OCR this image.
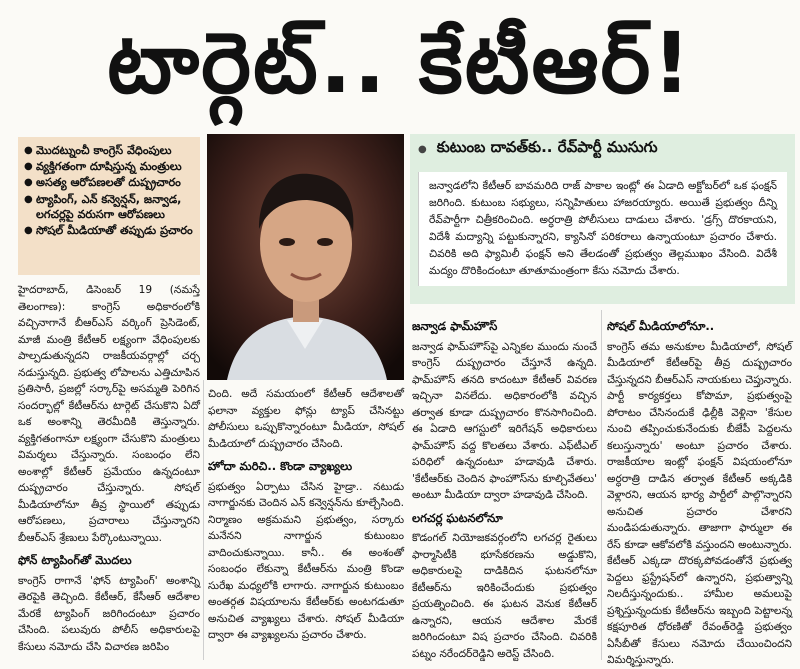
టార్గెట్.. కేటీఆర్!
● మొదట్నుంచీ కాంగ్రెస్ వేధింపులు
● వ్యక్తిగతంగా దూషిస్తున్న మంత్రులు
● అసత్య ఆరోపణలతో దుష్ప్రచారం
● ట్యాపింగ్, ఎన్ కన్వెన్షన్, జన్వాడ, లగచర్లపై వరుసగా ఆరోపణలు
● సోషల్ మీడియాతో తప్పుడు ప్రచారం

హైదరాబాద్, డిసెంబర్ 19 (నమస్తే తెలంగాణ): కాంగ్రెస్ అధికారంలోకి వచ్చినాగానే బీఆర్ఎస్ వర్కింగ్ ప్రెసిడెంట్, మాజీ మంత్రి కేటీఆర్ లక్ష్యంగా వేధింపులకు పాల్పడుతున్నదని రాజకీయవర్గాల్లో చర్చ నడుస్తున్నది. ప్రభుత్వ లోపాలను ఎత్తిచూపిన ప్రతిసారీ, ప్రజల్లో సర్కార్‌పై అసమ్మతి పెరిగిన సందర్భాల్లో కేటీఆర్‌ను టార్గెట్ చేసుకొని ఏదో ఒక అంశాన్ని తెరమీదికి తెస్తున్నారు. వ్యక్తిగతంగానూ లక్ష్యంగా చేసుకొని మంత్రులు విమర్శలు చేస్తున్నారు. సంబంధం లేని అంశాల్లో కేటీఆర్ ప్రమేయం ఉన్నదంటూ దుష్ప్రచారం చేస్తున్నారు. సోషల్ మీడియాలోనూ తీవ్ర స్థాయిలో తప్పుడు ఆరోపణలు, ప్రచారాలు చేస్తున్నారని బీఆర్ఎస్ శ్రేణులు పేర్కొంటున్నాయి.

ఫోన్ ట్యాపింగ్‌తో మొదలు

కాంగ్రెస్ రాగానే 'ఫోన్ ట్యాపింగ్' అంశాన్ని తెరపైకి తెచ్చింది. కేటీఆర్, కేసీఆర్ ఆదేశాల మేరకే ట్యాపింగ్ జరిగిందంటూ ప్రచారం చేసింది. పలువురు పోలీస్ అధికారులపై కేసులు నమోదు చేసి విచారణ జరిపిం

చింది. అదే సమయంలో కేటీఆర్ ఆదేశాలతో ఫలానా వ్యక్తుల ఫోన్లు ట్యాప్ చేసినట్టు పోలీసులు ఒప్పుకొన్నారంటూ మీడియా, సోషల్ మీడియాలో దుష్ప్రచారం చేసింది.

హోదా మరిచి.. కొండా వ్యాఖ్యలు

ప్రభుత్వం ఏర్పాటు చేసిన హైడ్రా.. నటుడు నాగార్జునకు చెందిన ఎన్ కన్వెన్షన్‌ను కూల్చేసింది. నిర్మాణం అక్రమమని ప్రభుత్వం, సర్కారు మనేనని నాగార్జున కుటుంబం వాదించుకున్నాయి. కానీ.. ఈ అంశంతో సంబంధం లేకున్నా కేటీఆర్‌ను మంత్రి కొండా సురేఖ మధ్యలోకి లాగారు. నాగార్జున కుటుంబం అంతర్గత విషయాలను కేటీఆర్‌కు అంటగడుతూ అనుచిత వ్యాఖ్యలు చేశారు. సోషల్ మీడియా ద్వారా ఈ వ్యాఖ్యలను ప్రచారం చేశారు.

● కుటుంబ దావత్‌కు.. రేవ్‌పార్టీ ముసుగు
జన్వాడలోని కేటీఆర్ బావమరిది రాజ్ పాకాల ఇంట్లో ఈ ఏడాది అక్టోబర్‌లో ఒక ఫంక్షన్ జరిగింది. కుటుంబ సభ్యులు, సన్నిహితులు హాజరయ్యారు. అయితే ప్రభుత్వం దీన్ని రేవ్‌పార్టీగా చిత్రీకరించింది. అర్ధరాత్రి పోలీసులు దాడులు చేశారు. 'డ్రగ్స్ దొరకాయని, విదేశీ మద్యాన్ని పట్టుకున్నారని, క్యాసినో పరికరాలు ఉన్నాయంటూ ప్రచారం చేశారు. చివరికి అది ఫ్యామిలీ ఫంక్షన్ అని తేలడంతో ప్రభుత్వం తెల్లముఖం వేసింది. విదేశీ మద్యం దొరికిందంటూ తూతూమంత్రంగా కేసు నమోదు చేశారు.
జన్వాడ ఫామ్‌హౌస్

జన్వాడ ఫామ్‌హౌస్‌పై ఎన్నికల ముందు నుంచే కాంగ్రెస్ దుష్ప్రచారం చేస్తూనే ఉన్నది. ఫామ్‌హౌస్ తనది కాదంటూ కేటీఆర్ వివరణ ఇచ్చినా వినలేదు. అధికారంలోకి వచ్చిన తర్వాత కూడా దుష్ప్రచారం కొనసాగించింది. ఈ ఏడాది ఆగస్టులో ఇరిగేషన్ అధికారులు ఫామ్‌హౌస్ వద్ద కొలతలు వేశారు. ఎఫ్‌టీఎల్ పరిధిలో ఉన్నదంటూ హడావుడి చేశారు. 'కేటీఆర్‌కు చెందిన ఫాంహౌస్‌ను కూల్చివేతలు' అంటూ మీడియా ద్వారా హడావుడి చేసింది.

లగచర్ల ఘటనలోనూ

కొడంగల్ నియోజకవర్గంలోని లగచర్ల రైతులు ఫార్మాసిటీకి భూసేకరణను అడ్డుకొని, అధికారులపై దాడికిదిన ఘటనలోనూ కేటీఆర్‌ను ఇరికించేందుకు ప్రభుత్వం ప్రయత్నించింది. ఈ ఘటన వెనుక కేటీఆర్ ఉన్నారని, ఆయన ఆదేశాల మేరకే జరిగిందంటూ విష ప్రచారం చేసింది. చివరికి పట్నం నరేందర్‌రెడ్డిని అరెస్ట్ చేసింది.

సోషల్ మీడియాలోనూ..

కాంగ్రెస్ తమ అనుకూల మీడియాలో, సోషల్ మీడియాలో కేటీఆర్‌పై తీవ్ర దుష్ప్రచారం చేస్తున్నదని బీఆర్ఎస్ నాయకులు చెప్తున్నారు. పార్టీ కార్యకర్తలు కోపొమా, ప్రభుత్వంపై పోరాటం చేసినందుకే ఢిల్లీకి వెళ్లినా 'కేసుల నుంచి తప్పించుకునేందుకు బీజేపీ పెద్దలను కలుస్తున్నారు' అంటూ ప్రచారం చేశారు. రాజకీయాల ఇంట్లో ఫంక్షన్ విషయంలోనూ అర్ధరాత్రి దాడిన తర్వాత కేటీఆర్ అక్కడికి వెళ్లారని, ఆయన భార్య పార్టీలో పాల్గొన్నారని అనుచిత ప్రచారం చేశారని మండిపడుతున్నారు. తాజాగా ఫార్ములా ఈ రేస్ కూడా ఆకోవలోకి వస్తుందని అంటున్నారు. కేటీఆర్ ఎక్కడా దొరక్కపోవడంతోనే ప్రభుత్వ పెద్దలు ఫ్రస్ట్రేషన్‌లో ఉన్నారని, ప్రభుత్వాన్ని నిలదీస్తున్నందుకు.. హామీల అమలుపై ప్రశ్నిస్తున్నందుకు కేటీఆర్‌ను ఇబ్బంది పెట్టాలన్న కక్షపూరిత ధోరణితో రేవంత్‌రెడ్డి ప్రభుత్వం ఏసీబీతో కేసులు నమోదు చేయించిందని విమర్శిస్తున్నారు.
